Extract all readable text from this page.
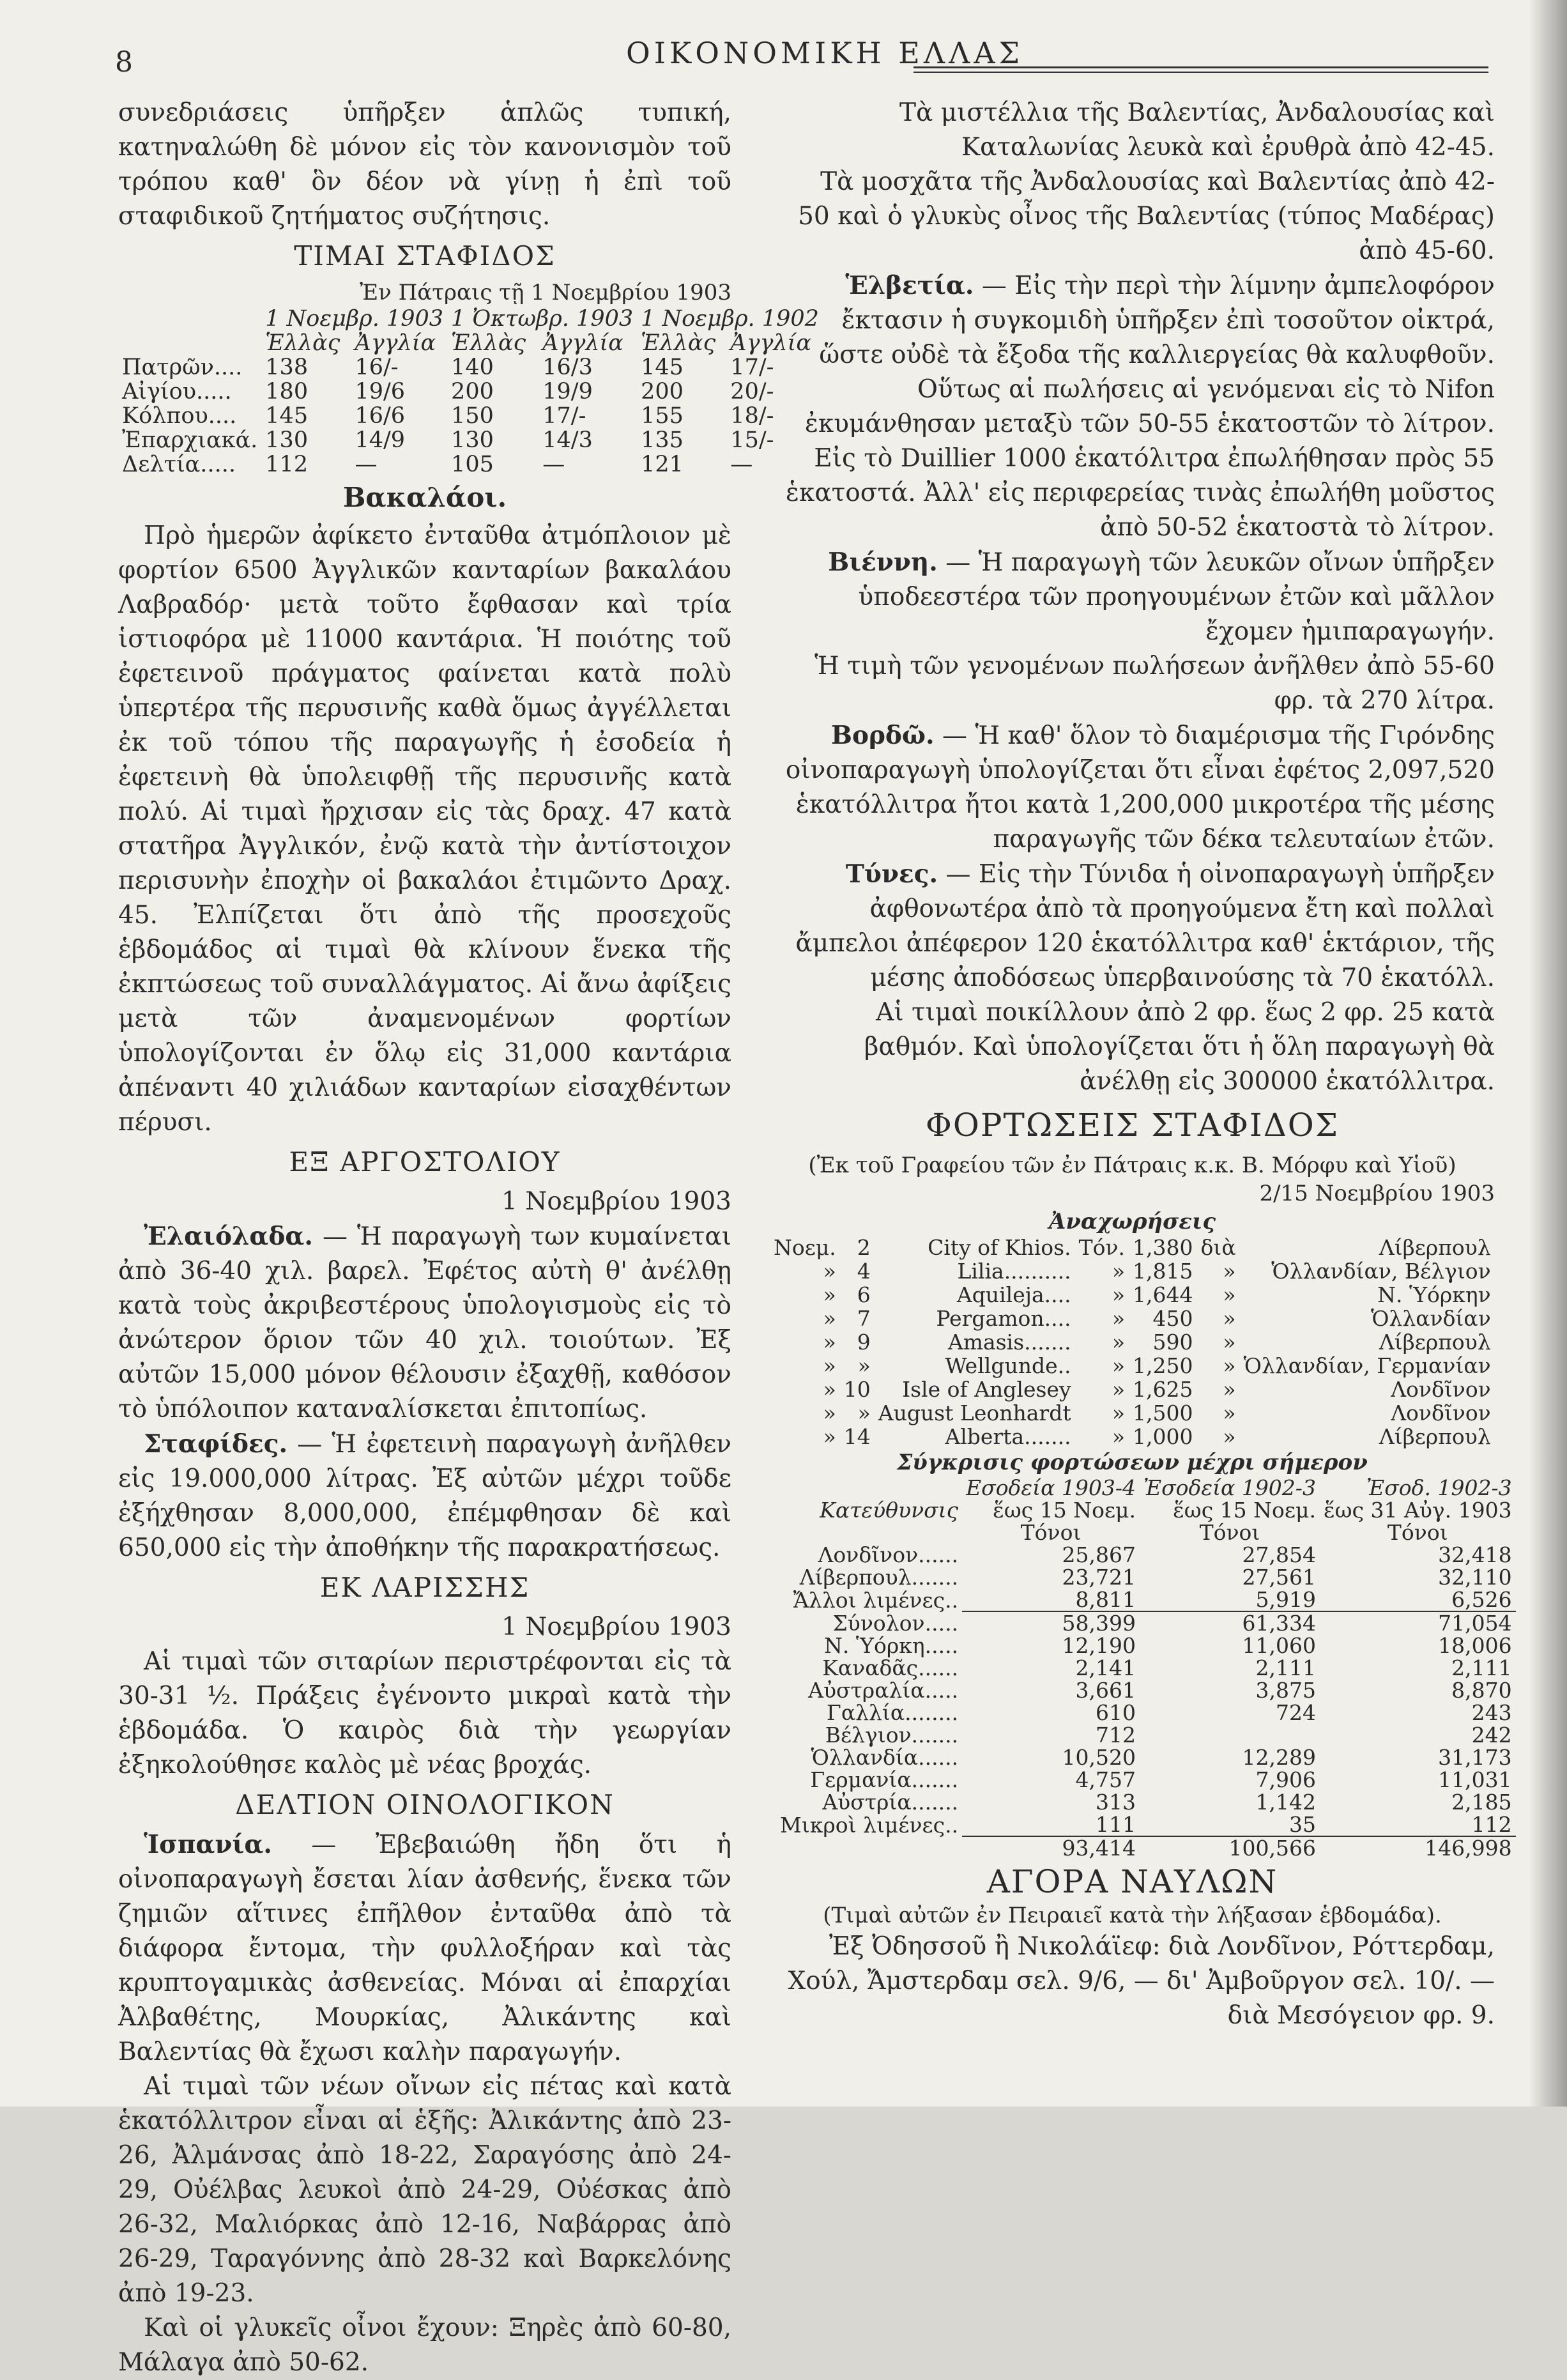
8	ΟΙΚΟΝΟΜΙΚΗ ΕΛΛΑΣ

συνεδριάσεις ὑπῆρξεν ἁπλῶς τυπική, κατηναλώθη δὲ μόνον εἰς τὸν κανονισμὸν τοῦ τρόπου καθ' ὃν δέον νὰ γίνῃ ἡ ἐπὶ τοῦ σταφιδικοῦ ζητήματος συζήτησις.

ΤΙΜΑΙ ΣΤΑΦΙΔΟΣ
Ἐν Πάτραις τῇ 1 Νοεμβρίου 1903
	1 Νοεμβρ. 1903		1 Ὀκτωβρ. 1903		1 Νοεμβρ. 1902	
	Ἑλλὰς	Ἀγγλία	Ἑλλὰς	Ἀγγλία	Ἑλλὰς	Ἀγγλία
Πατρῶν....	138	16/-	140	16/3	145	17/-
Αἰγίου.....	180	19/6	200	19/9	200	20/-
Κόλπου....	145	16/6	150	17/-	155	18/-
Ἐπαρχιακά.	130	14/9	130	14/3	135	15/-
Δελτία.....	112	—	105	—	121	—
Βακαλάοι.

Πρὸ ἡμερῶν ἀφίκετο ἐνταῦθα ἀτμόπλοιον μὲ φορτίον 6500 Ἀγγλικῶν κανταρίων βακαλάου Λαβραδόρ· μετὰ τοῦτο ἔφθασαν καὶ τρία ἱστιοφόρα μὲ 11000 καντάρια. Ἡ ποιότης τοῦ ἐφετεινοῦ πράγματος φαίνεται κατὰ πολὺ ὑπερτέρα τῆς περυσινῆς καθὰ ὅμως ἀγγέλλεται ἐκ τοῦ τόπου τῆς παραγωγῆς ἡ ἐσοδεία ἡ ἐφετεινὴ θὰ ὑπολειφθῇ τῆς περυσινῆς κατὰ πολύ. Αἱ τιμαὶ ἤρχισαν εἰς τὰς δραχ. 47 κατὰ στατῆρα Ἀγγλικόν, ἐνῷ κατὰ τὴν ἀντίστοιχον περισυνὴν ἐποχὴν οἱ βακαλάοι ἐτιμῶντο Δραχ. 45. Ἐλπίζεται ὅτι ἀπὸ τῆς προσεχοῦς ἑβδομάδος αἱ τιμαὶ θὰ κλίνουν ἕνεκα τῆς ἐκπτώσεως τοῦ συναλλάγματος. Αἱ ἄνω ἀφίξεις μετὰ τῶν ἀναμενομένων φορτίων ὑπολογίζονται ἐν ὅλῳ εἰς 31,000 καντάρια ἀπέναντι 40 χιλιάδων κανταρίων εἰσαχθέντων πέρυσι.

ΕΞ ΑΡΓΟΣΤΟΛΙΟΥ
1 Νοεμβρίου 1903

Ἐλαιόλαδα. — Ἡ παραγωγὴ των κυμαίνεται ἀπὸ 36-40 χιλ. βαρελ. Ἐφέτος αὐτὴ θ' ἀνέλθῃ κατὰ τοὺς ἀκριβεστέρους ὑπολογισμοὺς εἰς τὸ ἀνώτερον ὅριον τῶν 40 χιλ. τοιούτων. Ἐξ αὐτῶν 15,000 μόνον θέλουσιν ἐξαχθῇ, καθόσον τὸ ὑπόλοιπον καταναλίσκεται ἐπιτοπίως.

Σταφίδες. — Ἡ ἐφετεινὴ παραγωγὴ ἀνῆλθεν εἰς 19.000,000 λίτρας. Ἐξ αὐτῶν μέχρι τοῦδε ἐξήχθησαν 8,000,000, ἐπέμφθησαν δὲ καὶ 650,000 εἰς τὴν ἀποθήκην τῆς παρακρατήσεως.

ΕΚ ΛΑΡΙΣΣΗΣ
1 Νοεμβρίου 1903

Αἱ τιμαὶ τῶν σιταρίων περιστρέφονται εἰς τὰ 30-31 ½. Πράξεις ἐγένοντο μικραὶ κατὰ τὴν ἑβδομάδα. Ὁ καιρὸς διὰ τὴν γεωργίαν ἐξηκολούθησε καλὸς μὲ νέας βροχάς.

ΔΕΛΤΙΟΝ ΟΙΝΟΛΟΓΙΚΟΝ

Ἱσπανία. — Ἐβεβαιώθη ἤδη ὅτι ἡ οἰνοπαραγωγὴ ἔσεται λίαν ἀσθενής, ἕνεκα τῶν ζημιῶν αἵτινες ἐπῆλθον ἐνταῦθα ἀπὸ τὰ διάφορα ἔντομα, τὴν φυλλοξήραν καὶ τὰς κρυπτογαμικὰς ἀσθενείας. Μόναι αἱ ἐπαρχίαι Ἀλβαθέτης, Μουρκίας, Ἀλικάντης καὶ Βαλεντίας θὰ ἔχωσι καλὴν παραγωγήν.

Αἱ τιμαὶ τῶν νέων οἴνων εἰς πέτας καὶ κατὰ ἑκατόλλιτρον εἶναι αἱ ἑξῆς: Ἀλικάντης ἀπὸ 23-26, Ἀλμάνσας ἀπὸ 18-22, Σαραγόσης ἀπὸ 24-29, Οὐέλβας λευκοὶ ἀπὸ 24-29, Οὐέσκας ἀπὸ 26-32, Μαλιόρκας ἀπὸ 12-16, Ναβάρρας ἀπὸ 26-29, Ταραγόννης ἀπὸ 28-32 καὶ Βαρκελόνης ἀπὸ 19-23.

Καὶ οἱ γλυκεῖς οἶνοι ἔχουν: Ξηρὲς ἀπὸ 60-80, Μάλαγα ἀπὸ 50-62.

Τὰ μιστέλλια τῆς Βαλεντίας, Ἀνδαλουσίας καὶ Καταλωνίας λευκὰ καὶ ἐρυθρὰ ἀπὸ 42-45.

Τὰ μοσχᾶτα τῆς Ἀνδαλουσίας καὶ Βαλεντίας ἀπὸ 42-50 καὶ ὁ γλυκὺς οἶνος τῆς Βαλεντίας (τύπος Μαδέρας) ἀπὸ 45-60.

Ἑλβετία. — Εἰς τὴν περὶ τὴν λίμνην ἀμπελοφόρον ἔκτασιν ἡ συγκομιδὴ ὑπῆρξεν ἐπὶ τοσοῦτον οἰκτρά, ὥστε οὐδὲ τὰ ἔξοδα τῆς καλλιεργείας θὰ καλυφθοῦν.

Οὕτως αἱ πωλήσεις αἱ γενόμεναι εἰς τὸ Nifon ἐκυμάνθησαν μεταξὺ τῶν 50-55 ἑκατοστῶν τὸ λίτρον. Εἰς τὸ Duillier 1000 ἑκατόλιτρα ἐπωλήθησαν πρὸς 55 ἑκατοστά. Ἀλλ' εἰς περιφερείας τινὰς ἐπωλήθη μοῦστος ἀπὸ 50-52 ἑκατοστὰ τὸ λίτρον.

Βιέννη. — Ἡ παραγωγὴ τῶν λευκῶν οἴνων ὑπῆρξεν ὑποδεεστέρα τῶν προηγουμένων ἐτῶν καὶ μᾶλλον ἔχομεν ἡμιπαραγωγήν.

Ἡ τιμὴ τῶν γενομένων πωλήσεων ἀνῆλθεν ἀπὸ 55-60 φρ. τὰ 270 λίτρα.

Βορδῶ. — Ἡ καθ' ὅλον τὸ διαμέρισμα τῆς Γιρόνδης οἰνοπαραγωγὴ ὑπολογίζεται ὅτι εἶναι ἐφέτος 2,097,520 ἑκατόλλιτρα ἤτοι κατὰ 1,200,000 μικροτέρα τῆς μέσης παραγωγῆς τῶν δέκα τελευταίων ἐτῶν.

Τύνες. — Εἰς τὴν Τύνιδα ἡ οἰνοπαραγωγὴ ὑπῆρξεν ἀφθονωτέρα ἀπὸ τὰ προηγούμενα ἔτη καὶ πολλαὶ ἄμπελοι ἀπέφερον 120 ἑκατόλλιτρα καθ' ἑκτάριον, τῆς μέσης ἀποδόσεως ὑπερβαινούσης τὰ 70 ἑκατόλλ.

Αἱ τιμαὶ ποικίλλουν ἀπὸ 2 φρ. ἕως 2 φρ. 25 κατὰ βαθμόν. Καὶ ὑπολογίζεται ὅτι ἡ ὅλη παραγωγὴ θὰ ἀνέλθῃ εἰς 300000 ἑκατόλλιτρα.

ΦΟΡΤΩΣΕΙΣ ΣΤΑΦΙΔΟΣ
(Ἐκ τοῦ Γραφείου τῶν ἐν Πάτραις κ.κ. Β. Μόρφυ καὶ Υἱοῦ)
2/15 Νοεμβρίου 1903
Ἀναχωρήσεις
Νοεμ.	2	City of Khios.	Τόν.	1,380	διὰ	Λίβερπουλ
»	4	Lilia..........	»	1,815	»	Ὁλλανδίαν, Βέλγιον
»	6	Aquileja....	»	1,644	»	Ν. Ὑόρκην
»	7	Pergamon....	»	450	»	Ὁλλανδίαν
»	9	Amasis.......	»	590	»	Λίβερπουλ
»	»	Wellgunde..	»	1,250	»	Ὁλλανδίαν, Γερμανίαν
»	10	Isle of Anglesey	»	1,625	»	Λονδῖνον
»	»	August Leonhardt	»	1,500	»	Λονδῖνον
»	14	Alberta.......	»	1,000	»	Λίβερπουλ
Σύγκρισις φορτώσεων μέχρι σήμερον
	Εσοδεία 1903-4	Ἐσοδεία 1902-3	Ἐσοδ. 1902-3
Κατεύθυνσις	ἕως 15 Νοεμ.	ἕως 15 Νοεμ.	ἕως 31 Αὐγ. 1903
	Τόνοι	Τόνοι	Τόνοι
Λονδῖνον......	25,867	27,854	32,418
Λίβερπουλ.......	23,721	27,561	32,110
Ἄλλοι λιμένες..	8,811	5,919	6,526
Σύνολον.....	58,399	61,334	71,054
Ν. Ὑόρκη.....	12,190	11,060	18,006
Καναδᾶς......	2,141	2,111	2,111
Αὐστραλία.....	3,661	3,875	8,870
Γαλλία........	610	724	243
Βέλγιον.......	712		242
Ὁλλανδία......	10,520	12,289	31,173
Γερμανία.......	4,757	7,906	11,031
Αὐστρία.......	313	1,142	2,185
Μικροὶ λιμένες..	111	35	112
	93,414	100,566	146,998
ΑΓΟΡΑ ΝΑΥΛΩΝ
(Τιμαὶ αὐτῶν ἐν Πειραιεῖ κατὰ τὴν λήξασαν ἑβδομάδα).

Ἐξ Ὀδησσοῦ ἢ Νικολάϊεφ: διὰ Λονδῖνον, Ρόττερδαμ, Χούλ, Ἄμστερδαμ σελ. 9/6, — δι' Ἀμβοῦργον σελ. 10/. — διὰ Μεσόγειον φρ. 9.
